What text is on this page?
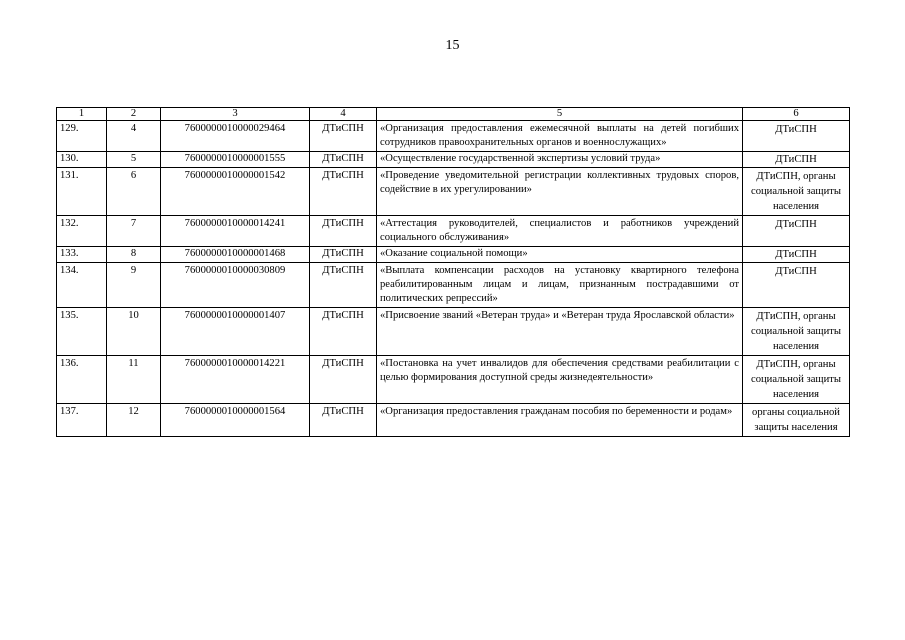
15
1	2	3	4	5	6
129.	4	7600000010000029464	ДТиСПН	«Организация предоставления ежемесячной выплаты на детей погибших сотрудников правоохранительных органов и военнослужащих»	ДТиСПН
130.	5	7600000010000001555	ДТиСПН	«Осуществление государственной экспертизы условий труда»	ДТиСПН
131.	6	7600000010000001542	ДТиСПН	«Проведение уведомительной регистрации коллективных трудовых споров, содействие в их урегулировании»	ДТиСПН, органы социальной защиты населения
132.	7	7600000010000014241	ДТиСПН	«Аттестация руководителей, специалистов и работников учреждений социального обслуживания»	ДТиСПН
133.	8	7600000010000001468	ДТиСПН	«Оказание социальной помощи»	ДТиСПН
134.	9	7600000010000030809	ДТиСПН	«Выплата компенсации расходов на установку квартирного телефона реабилитированным лицам и лицам, признанным пострадавшими от политических репрессий»	ДТиСПН
135.	10	7600000010000001407	ДТиСПН	«Присвоение званий «Ветеран труда» и «Ветеран труда Ярославской области»	ДТиСПН, органы социальной защиты населения
136.	11	7600000010000014221	ДТиСПН	«Постановка на учет инвалидов для обеспечения средствами реабилитации с целью формирования доступной среды жизнедеятельности»	ДТиСПН, органы социальной защиты населения
137.	12	7600000010000001564	ДТиСПН	«Организация предоставления гражданам пособия по беременности и родам»	органы социальной защиты населения
